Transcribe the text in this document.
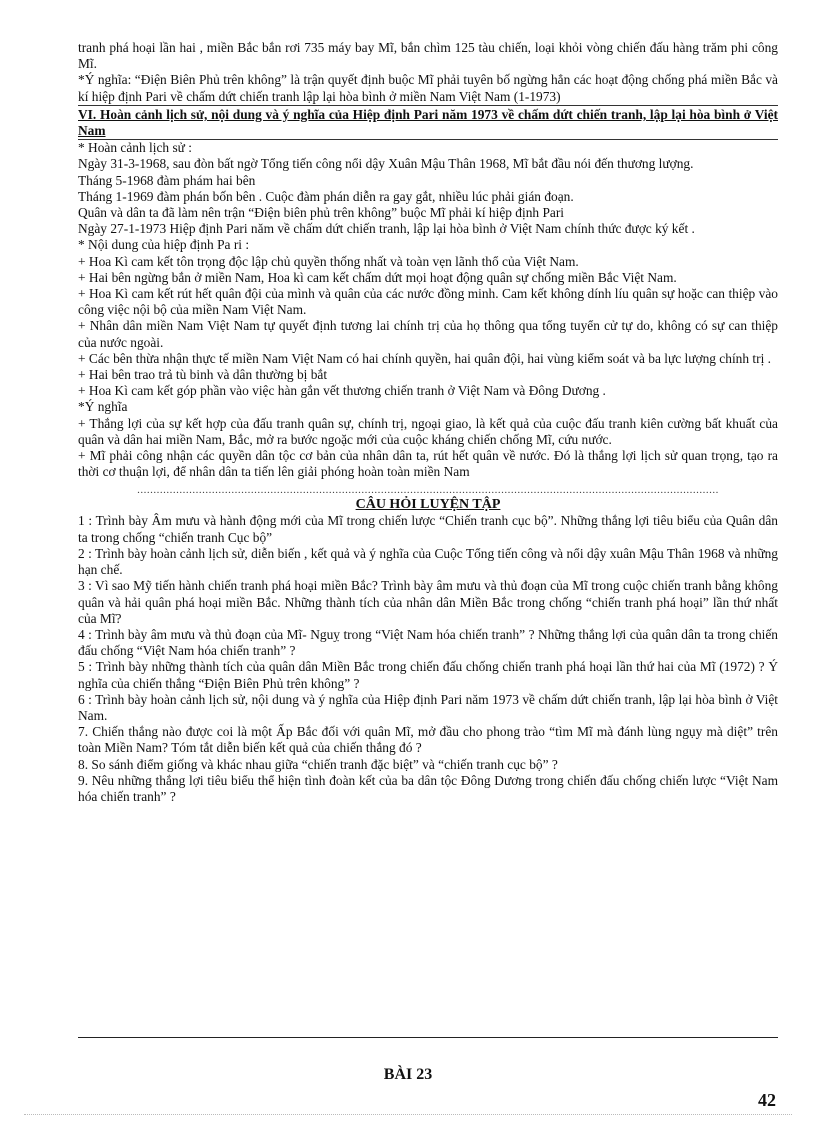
tranh phá hoại lần hai , miền Bắc bắn rơi 735 máy bay Mĩ, bắn chìm 125 tàu chiến, loại khỏi vòng chiến đấu hàng trăm phi công Mĩ.

*Ý nghĩa: “Điện Biên Phủ trên không” là trận quyết định buộc Mĩ phải tuyên bố ngừng hẳn các hoạt động chống phá miền Bắc và kí hiệp định Pari về chấm dứt chiến tranh lập lại hòa bình ở miền Nam Việt Nam (1-1973)

VI. Hoàn cảnh lịch sử, nội dung và ý nghĩa của Hiệp định Pari năm 1973 về chấm dứt chiến tranh, lập lại hòa bình ở Việt Nam

* Hoàn cảnh lịch sử :

Ngày 31-3-1968, sau đòn bất ngờ Tổng tiến công nổi dậy Xuân Mậu Thân 1968, Mĩ bắt đầu nói đến thương lượng.

Tháng 5-1968 đàm phám hai bên

Tháng 1-1969 đàm phán bốn bên . Cuộc đàm phán diễn ra gay gắt, nhiều lúc phải gián đoạn.

Quân và dân ta đã làm nên trận “Điện biên phủ trên không” buộc Mĩ phải kí hiệp định Pari

Ngày 27-1-1973 Hiệp định Pari năm về chấm dứt chiến tranh, lập lại hòa bình ở Việt Nam chính thức được ký kết .

* Nội dung của hiệp định Pa ri :

+ Hoa Kì cam kết tôn trọng độc lập chủ quyền thống nhất và toàn vẹn lãnh thổ của Việt Nam.

+ Hai bên ngừng bắn ở miền Nam, Hoa kì cam kết chấm dứt mọi hoạt động quân sự chống miền Bắc Việt Nam.

+ Hoa Kì cam kết rút hết quân đội của mình và quân của các nước đồng minh. Cam kết không dính líu quân sự hoặc can thiệp vào công việc nội bộ của miền Nam Việt Nam.

+ Nhân dân miền Nam Việt Nam tự quyết định tương lai chính trị của họ thông qua tổng tuyển cử tự do, không có sự can thiệp của nước ngoài.

+ Các bên thừa nhận thực tế miền Nam Việt Nam có hai chính quyền, hai quân đội, hai vùng kiểm soát và ba lực lượng chính trị .

+ Hai bên trao trả tù binh và dân thường bị bắt

+ Hoa Kì cam kết góp phần vào việc hàn gắn vết thương chiến tranh ở Việt Nam và Đông Dương .

*Ý nghĩa

+ Thắng lợi của sự kết hợp của đấu tranh quân sự, chính trị, ngoại giao, là kết quả của cuộc đấu tranh kiên cường bất khuất của quân và dân hai miền Nam, Bắc, mở ra bước ngoặc mới của cuộc kháng chiến chống Mĩ, cứu nước.

+ Mĩ phải công nhận các quyền dân tộc cơ bản của nhân dân ta, rút hết quân về nước. Đó là thắng lợi lịch sử quan trọng, tạo ra thời cơ thuận lợi, để nhân dân ta tiến lên giải phóng hoàn toàn miền Nam

...................................................................................................................................................................................

CÂU HỎI LUYỆN TẬP

1 : Trình bày Âm mưu và hành động mới của Mĩ trong chiến lược “Chiến tranh cục bộ”. Những thắng lợi tiêu biểu của Quân dân ta trong chống “chiến tranh Cục bộ”

2 : Trình bày hoàn cảnh lịch sử, diễn biến , kết quả và ý nghĩa của Cuộc Tổng tiến công và nổi dậy xuân Mậu Thân 1968 và những hạn chế.

3 : Vì sao Mỹ tiến hành chiến tranh phá hoại miền Bắc? Trình bày âm mưu và thủ đoạn của Mĩ trong cuộc chiến tranh bằng không quân và hải quân phá hoại miền Bắc. Những thành tích của nhân dân Miền Bắc trong chống “chiến tranh phá hoại” lần thứ nhất của Mĩ?

4 : Trình bày âm mưu và thủ đoạn của Mĩ- Nguỵ trong “Việt Nam hóa chiến tranh” ? Những thắng lợi của quân dân ta trong chiến đấu chống “Việt Nam hóa chiến tranh” ?

5 : Trình bày những thành tích của quân dân Miền Bắc trong chiến đấu chống chiến tranh phá hoại lần thứ hai của Mĩ (1972) ? Ý nghĩa của chiến thắng “Điện Biên Phủ trên không” ?

6 : Trình bày hoàn cảnh lịch sử, nội dung và ý nghĩa của Hiệp định Pari năm 1973 về chấm dứt chiến tranh, lập lại hòa bình ở Việt Nam.

7. Chiến thắng nào được coi là một Ấp Bắc đối với quân Mĩ, mở đầu cho phong trào “tìm Mĩ mà đánh lùng ngụy mà diệt” trên toàn Miền Nam? Tóm tắt diễn biến kết quả của chiến thắng đó ?

8. So sánh điểm giống và khác nhau giữa “chiến tranh đặc biệt” và “chiến tranh cục bộ” ?

9. Nêu những thắng lợi tiêu biểu thể hiện tình đoàn kết của ba dân tộc Đông Dương trong chiến đấu chống chiến lược “Việt Nam hóa chiến tranh” ?

BÀI 23
42
